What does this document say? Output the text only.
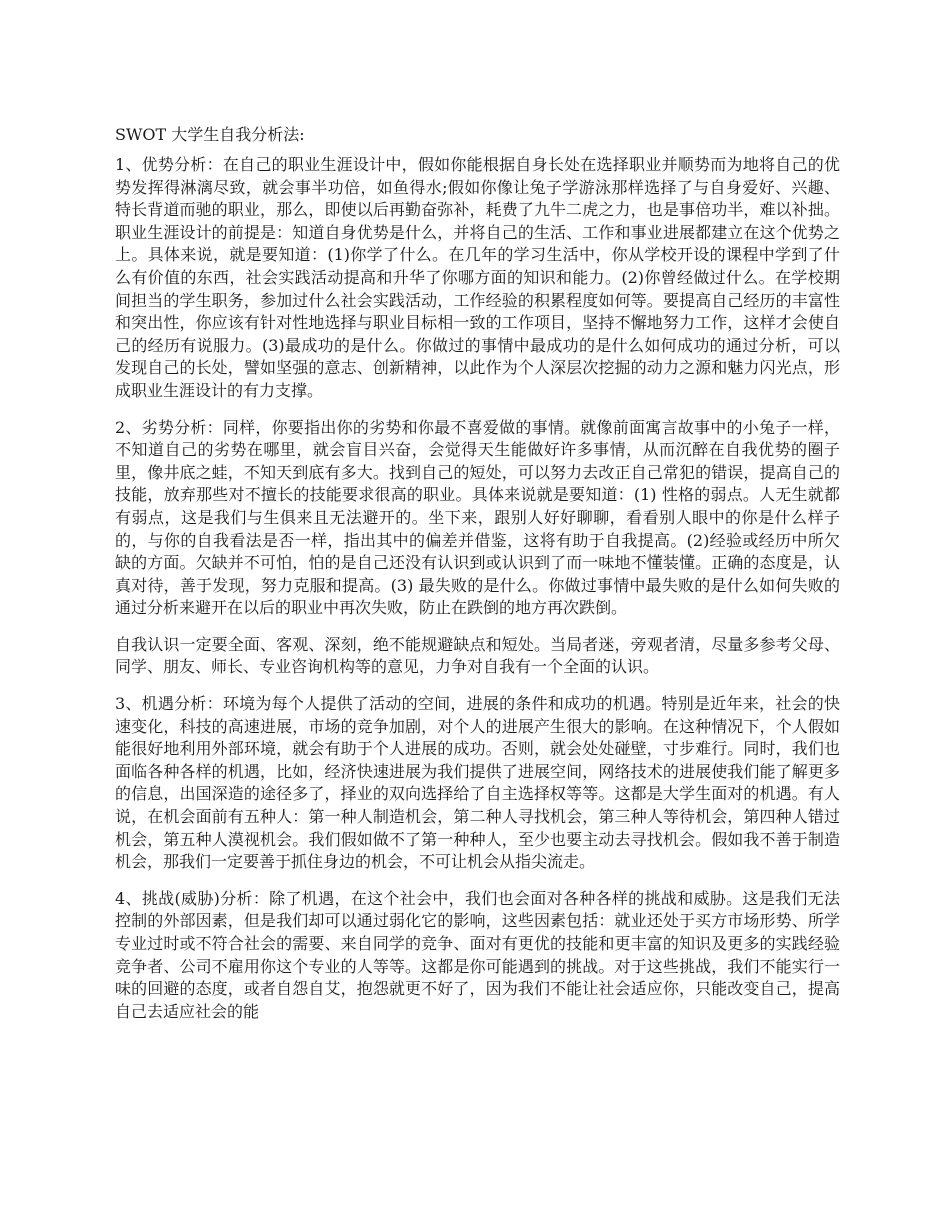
SWOT 大学生自我分析法:

1、优势分析：在自己的职业生涯设计中，假如你能根据自身长处在选择职业并顺势而为地将自己的优势发挥得淋漓尽致，就会事半功倍，如鱼得水;假如你像让兔子学游泳那样选择了与自身爱好、兴趣、特长背道而驰的职业，那么，即使以后再勤奋弥补，耗费了九牛二虎之力，也是事倍功半，难以补拙。职业生涯设计的前提是：知道自身优势是什么，并将自己的生活、工作和事业进展都建立在这个优势之上。具体来说，就是要知道：(1)你学了什么。在几年的学习生活中，你从学校开设的课程中学到了什么有价值的东西，社会实践活动提高和升华了你哪方面的知识和能力。(2)你曾经做过什么。在学校期间担当的学生职务，参加过什么社会实践活动，工作经验的积累程度如何等。要提高自己经历的丰富性和突出性，你应该有针对性地选择与职业目标相一致的工作项目，坚持不懈地努力工作，这样才会使自己的经历有说服力。(3)最成功的是什么。你做过的事情中最成功的是什么如何成功的通过分析，可以发现自己的长处，譬如坚强的意志、创新精神，以此作为个人深层次挖掘的动力之源和魅力闪光点，形成职业生涯设计的有力支撑。

2、劣势分析：同样，你要指出你的劣势和你最不喜爱做的事情。就像前面寓言故事中的小兔子一样，不知道自己的劣势在哪里，就会盲目兴奋，会觉得天生能做好许多事情，从而沉醉在自我优势的圈子里，像井底之蛙，不知天到底有多大。找到自己的短处，可以努力去改正自己常犯的错误，提高自己的技能，放弃那些对不擅长的技能要求很高的职业。具体来说就是要知道：(1) 性格的弱点。人无生就都有弱点，这是我们与生俱来且无法避开的。坐下来，跟别人好好聊聊，看看别人眼中的你是什么样子的，与你的自我看法是否一样，指出其中的偏差并借鉴，这将有助于自我提高。(2)经验或经历中所欠缺的方面。欠缺并不可怕，怕的是自己还没有认识到或认识到了而一味地不懂装懂。正确的态度是，认真对待，善于发现，努力克服和提高。(3) 最失败的是什么。你做过事情中最失败的是什么如何失败的通过分析来避开在以后的职业中再次失败，防止在跌倒的地方再次跌倒。

自我认识一定要全面、客观、深刻，绝不能规避缺点和短处。当局者迷，旁观者清，尽量多参考父母、同学、朋友、师长、专业咨询机构等的意见，力争对自我有一个全面的认识。

3、机遇分析：环境为每个人提供了活动的空间，进展的条件和成功的机遇。特别是近年来，社会的快速变化，科技的高速进展，市场的竞争加剧，对个人的进展产生很大的影响。在这种情况下，个人假如能很好地利用外部环境，就会有助于个人进展的成功。否则，就会处处碰壁，寸步难行。同时，我们也面临各种各样的机遇，比如，经济快速进展为我们提供了进展空间，网络技术的进展使我们能了解更多的信息，出国深造的途径多了，择业的双向选择给了自主选择权等等。这都是大学生面对的机遇。有人说，在机会面前有五种人：第一种人制造机会，第二种人寻找机会，第三种人等待机会，第四种人错过机会，第五种人漠视机会。我们假如做不了第一种种人，至少也要主动去寻找机会。假如我不善于制造机会，那我们一定要善于抓住身边的机会，不可让机会从指尖流走。

4、挑战(威胁)分析：除了机遇，在这个社会中，我们也会面对各种各样的挑战和威胁。这是我们无法控制的外部因素，但是我们却可以通过弱化它的影响，这些因素包括：就业还处于买方市场形势、所学专业过时或不符合社会的需要、来自同学的竞争、面对有更优的技能和更丰富的知识及更多的实践经验竞争者、公司不雇用你这个专业的人等等。这都是你可能遇到的挑战。对于这些挑战，我们不能实行一味的回避的态度，或者自怨自艾，抱怨就更不好了，因为我们不能让社会适应你，只能改变自己，提高自己去适应社会的能
